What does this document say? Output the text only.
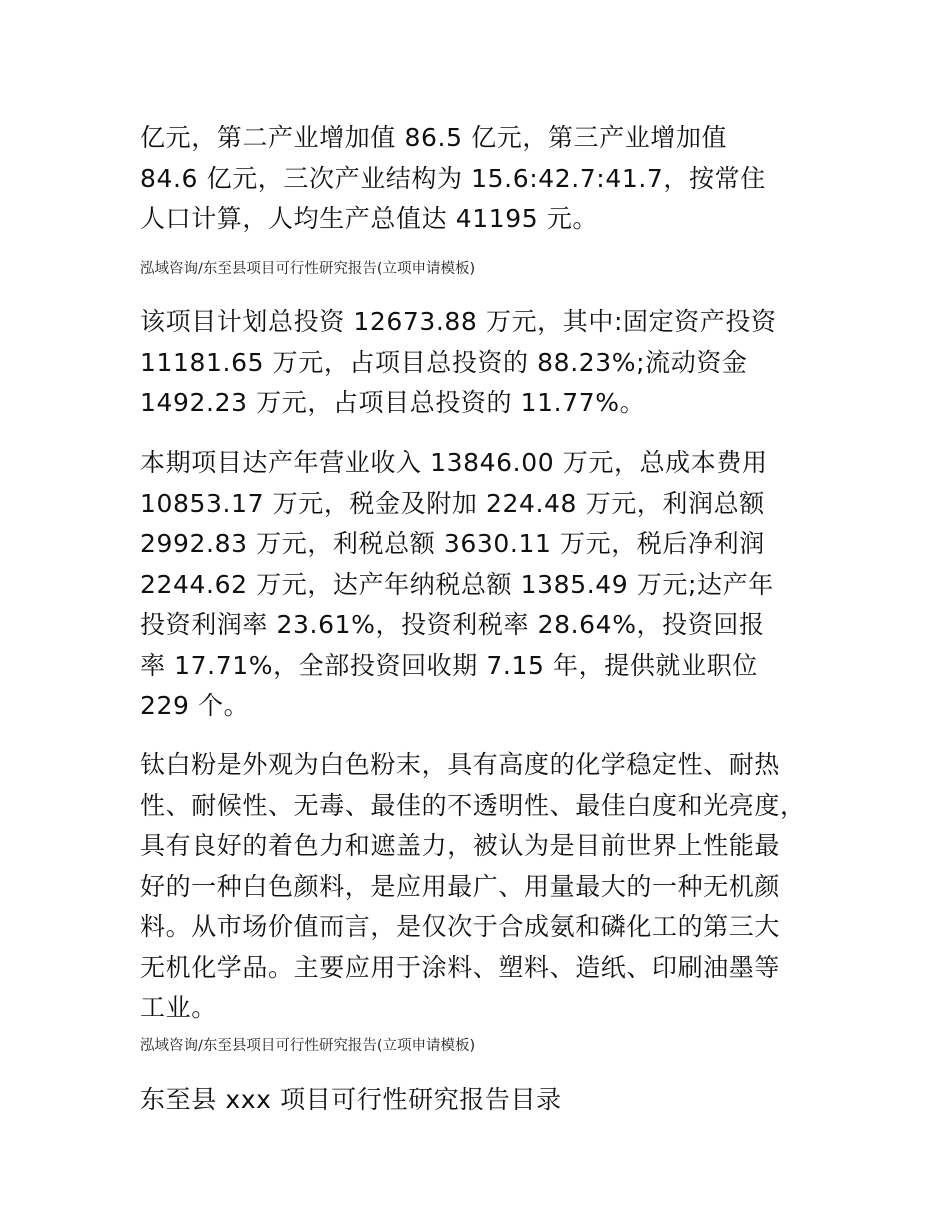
亿元，第二产业增加值 86.5 亿元，第三产业增加值
84.6 亿元，三次产业结构为 15.6:42.7:41.7，按常住
人口计算，人均生产总值达 41195 元。

泓域咨询/东至县项目可行性研究报告(立项申请模板)

该项目计划总投资 12673.88 万元，其中:固定资产投资
11181.65 万元，占项目总投资的 88.23%;流动资金
1492.23 万元，占项目总投资的 11.77%。

本期项目达产年营业收入 13846.00 万元，总成本费用
10853.17 万元，税金及附加 224.48 万元，利润总额
2992.83 万元，利税总额 3630.11 万元，税后净利润
2244.62 万元，达产年纳税总额 1385.49 万元;达产年
投资利润率 23.61%，投资利税率 28.64%，投资回报
率 17.71%，全部投资回收期 7.15 年，提供就业职位
229 个。

钛白粉是外观为白色粉末，具有高度的化学稳定性、耐热
性、耐候性、无毒、最佳的不透明性、最佳白度和光亮度，
具有良好的着色力和遮盖力，被认为是目前世界上性能最
好的一种白色颜料，是应用最广、用量最大的一种无机颜
料。从市场价值而言，是仅次于合成氨和磷化工的第三大
无机化学品。主要应用于涂料、塑料、造纸、印刷油墨等
工业。

泓域咨询/东至县项目可行性研究报告(立项申请模板)

东至县 xxx 项目可行性研究报告目录
